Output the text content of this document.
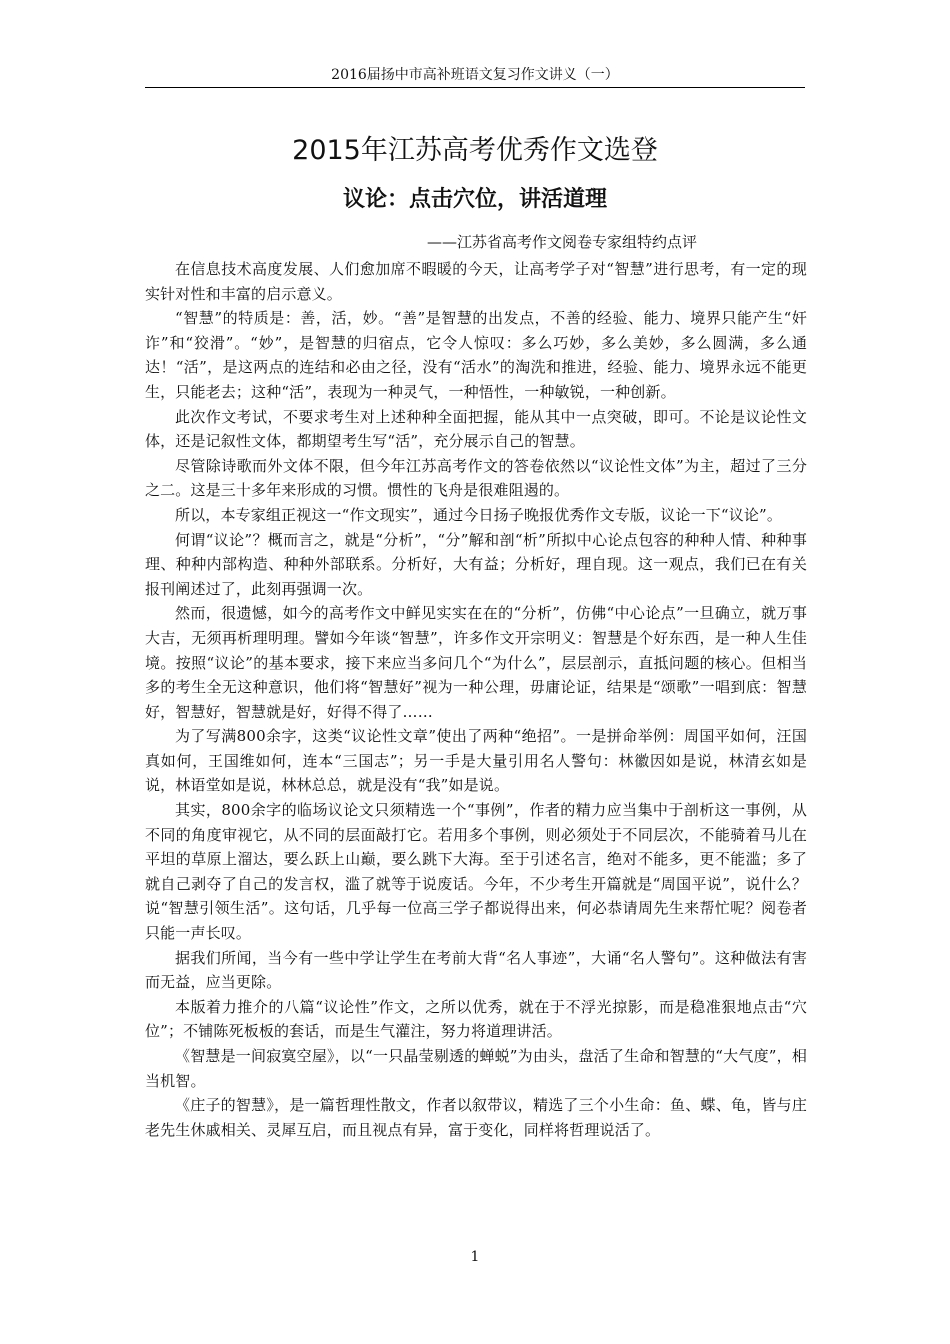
2016届扬中市高补班语文复习作文讲义（一）
2015年江苏高考优秀作文选登
议论：点击穴位，讲活道理
——江苏省高考作文阅卷专家组特约点评

在信息技术高度发展、人们愈加席不暇暖的今天，让高考学子对“智慧”进行思考，有一定的现实针对性和丰富的启示意义。

“智慧”的特质是：善，活，妙。“善”是智慧的出发点，不善的经验、能力、境界只能产生“奸诈”和“狡滑”。“妙”，是智慧的归宿点，它令人惊叹：多么巧妙，多么美妙，多么圆满，多么通达！“活”，是这两点的连结和必由之径，没有“活水”的淘洗和推进，经验、能力、境界永远不能更生，只能老去；这种“活”，表现为一种灵气，一种悟性，一种敏锐，一种创新。

此次作文考试，不要求考生对上述种种全面把握，能从其中一点突破，即可。不论是议论性文体，还是记叙性文体，都期望考生写“活”，充分展示自己的智慧。

尽管除诗歌而外文体不限，但今年江苏高考作文的答卷依然以“议论性文体”为主，超过了三分之二。这是三十多年来形成的习惯。惯性的飞舟是很难阻遏的。

所以，本专家组正视这一“作文现实”，通过今日扬子晚报优秀作文专版，议论一下“议论”。

何谓“议论”？概而言之，就是“分析”，“分”解和剖“析”所拟中心论点包容的种种人情、种种事理、种种内部构造、种种外部联系。分析好，大有益；分析好，理自现。这一观点，我们已在有关报刊阐述过了，此刻再强调一次。

然而，很遗憾，如今的高考作文中鲜见实实在在的“分析”，仿佛“中心论点”一旦确立，就万事大吉，无须再析理明理。譬如今年谈“智慧”，许多作文开宗明义：智慧是个好东西，是一种人生佳境。按照“议论”的基本要求，接下来应当多问几个“为什么”，层层剖示，直抵问题的核心。但相当多的考生全无这种意识，他们将“智慧好”视为一种公理，毋庸论证，结果是“颂歌”一唱到底：智慧好，智慧好，智慧就是好，好得不得了……

为了写满800余字，这类“议论性文章”使出了两种“绝招”。一是拼命举例：周国平如何，汪国真如何，王国维如何，连本“三国志”；另一手是大量引用名人警句：林徽因如是说，林清玄如是说，林语堂如是说，林林总总，就是没有“我”如是说。

其实，800余字的临场议论文只须精选一个“事例”，作者的精力应当集中于剖析这一事例，从不同的角度审视它，从不同的层面敲打它。若用多个事例，则必须处于不同层次，不能骑着马儿在平坦的草原上溜达，要么跃上山巅，要么跳下大海。至于引述名言，绝对不能多，更不能滥；多了就自己剥夺了自己的发言权，滥了就等于说废话。今年，不少考生开篇就是“周国平说”，说什么？说“智慧引领生活”。这句话，几乎每一位高三学子都说得出来，何必恭请周先生来帮忙呢？阅卷者只能一声长叹。

据我们所闻，当今有一些中学让学生在考前大背“名人事迹”，大诵“名人警句”。这种做法有害而无益，应当更除。

本版着力推介的八篇“议论性”作文，之所以优秀，就在于不浮光掠影，而是稳准狠地点击“穴位”；不铺陈死板板的套话，而是生气灌注，努力将道理讲活。

《智慧是一间寂寞空屋》，以“一只晶莹剔透的蝉蜕”为由头，盘活了生命和智慧的“大气度”，相当机智。

《庄子的智慧》，是一篇哲理性散文，作者以叙带议，精选了三个小生命：鱼、蝶、龟，皆与庄老先生休戚相关、灵犀互启，而且视点有异，富于变化，同样将哲理说活了。

1
